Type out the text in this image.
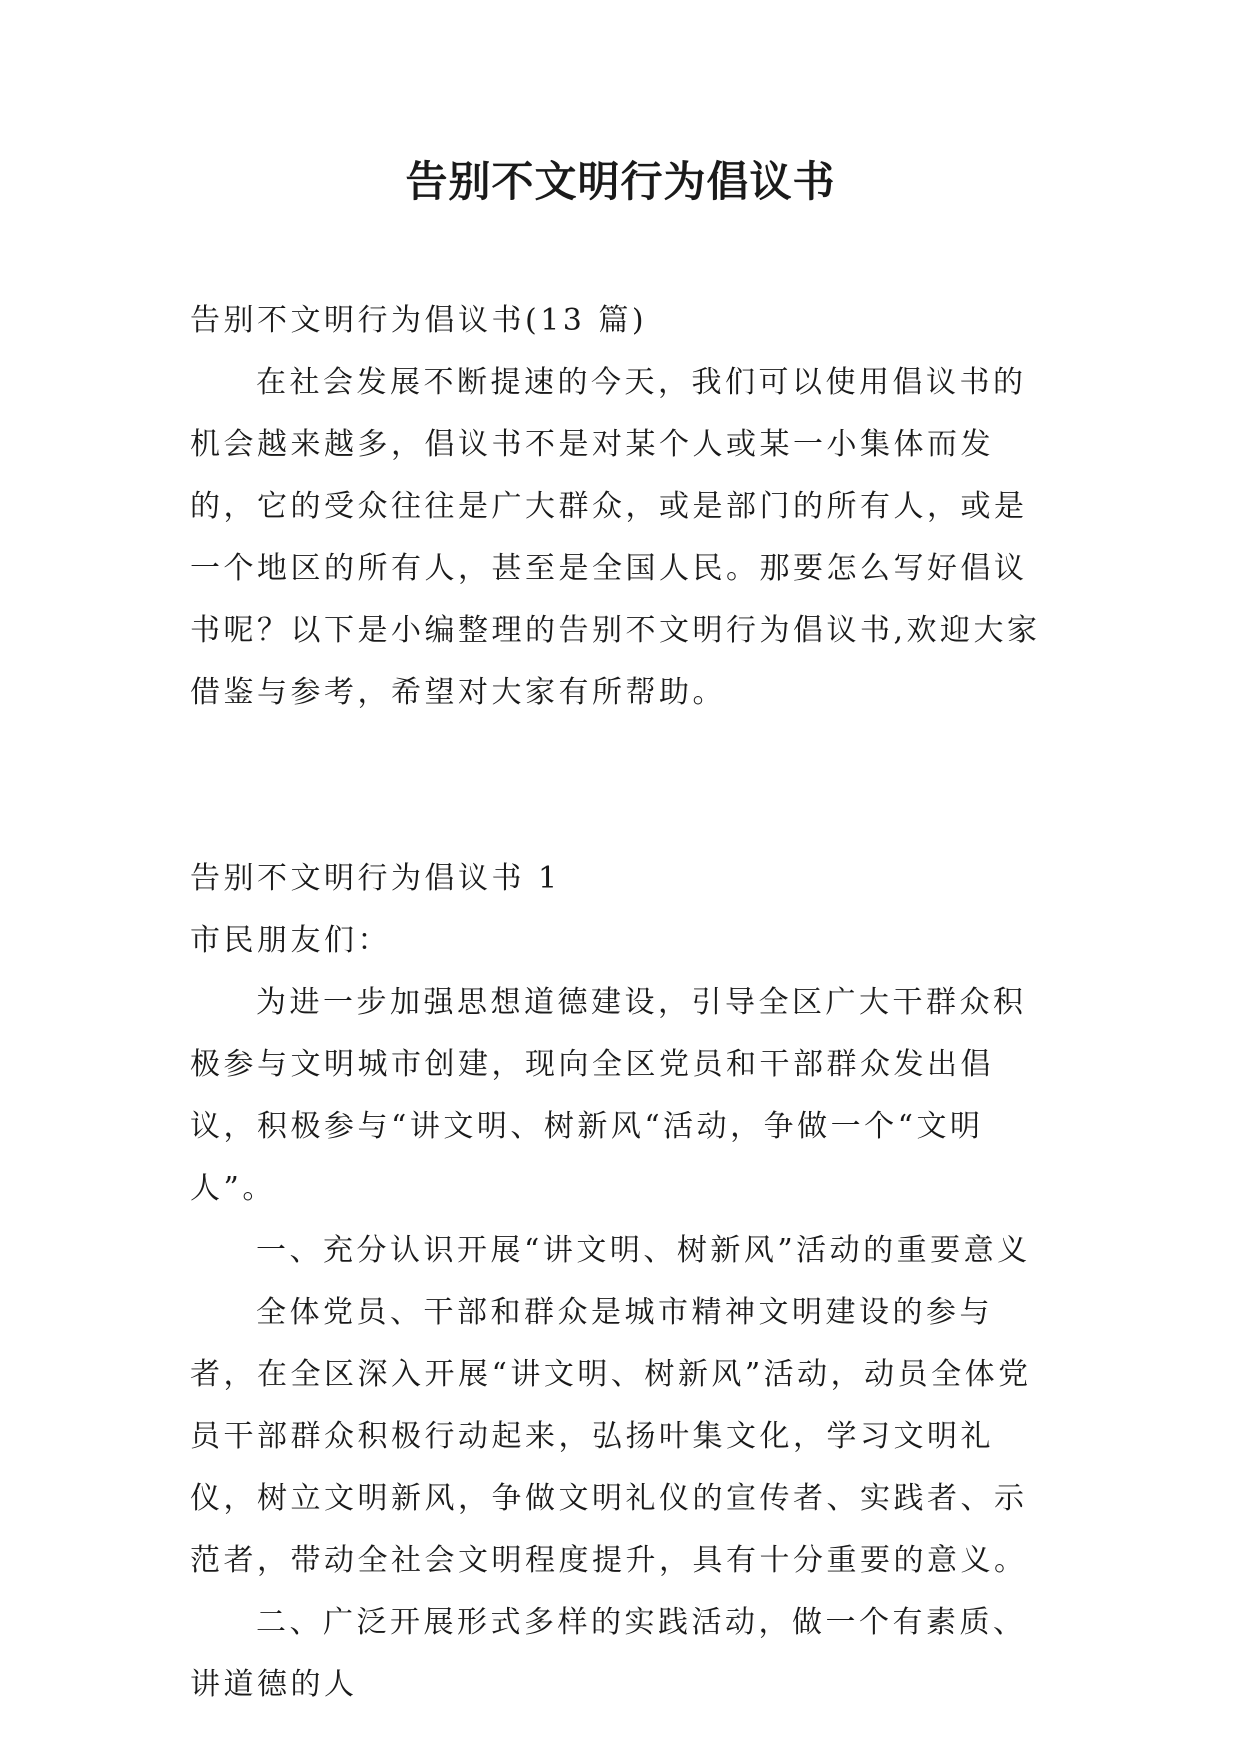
告别不文明行为倡议书

告别不文明行为倡议书(13 篇)

在社会发展不断提速的今天，我们可以使用倡议书的机会越来越多，倡议书不是对某个人或某一小集体而发的，它的受众往往是广大群众，或是部门的所有人，或是一个地区的所有人，甚至是全国人民。那要怎么写好倡议书呢？以下是小编整理的告别不文明行为倡议书,欢迎大家借鉴与参考，希望对大家有所帮助。

告别不文明行为倡议书 1

市民朋友们：

为进一步加强思想道德建设，引导全区广大干群众积极参与文明城市创建，现向全区党员和干部群众发出倡议，积极参与“讲文明、树新风“活动，争做一个“文明人”。

一、充分认识开展“讲文明、树新风”活动的重要意义

全体党员、干部和群众是城市精神文明建设的参与者，在全区深入开展“讲文明、树新风”活动，动员全体党员干部群众积极行动起来，弘扬叶集文化，学习文明礼仪，树立文明新风，争做文明礼仪的宣传者、实践者、示范者，带动全社会文明程度提升，具有十分重要的意义。

二、广泛开展形式多样的实践活动，做一个有素质、讲道德的人
